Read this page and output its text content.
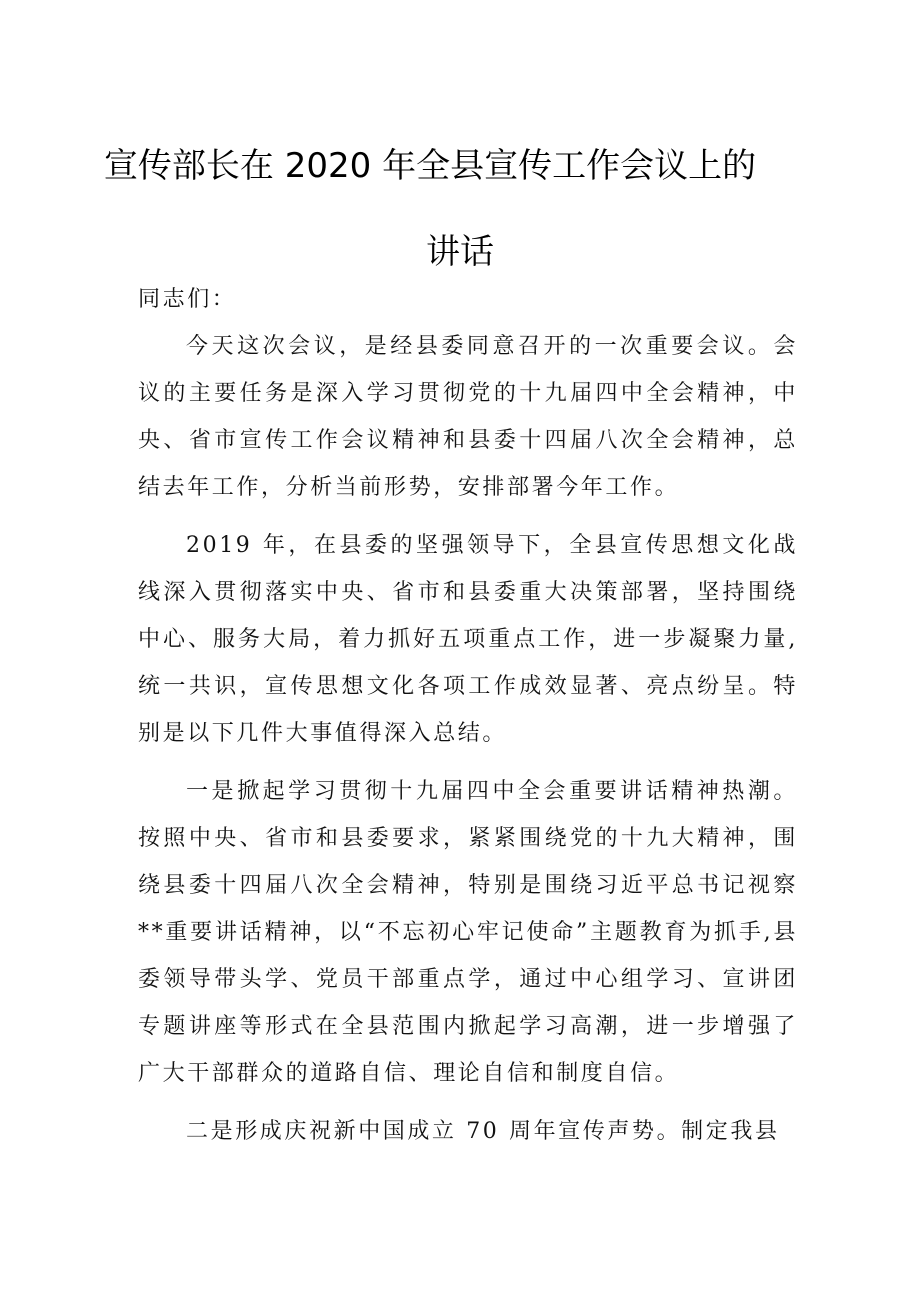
宣传部长在 2020 年全县宣传工作会议上的
讲话

同志们：

今天这次会议，是经县委同意召开的一次重要会议。会议的主要任务是深入学习贯彻党的十九届四中全会精神，中央、省市宣传工作会议精神和县委十四届八次全会精神，总结去年工作，分析当前形势，安排部署今年工作。

2019 年，在县委的坚强领导下，全县宣传思想文化战线深入贯彻落实中央、省市和县委重大决策部署，坚持围绕中心、服务大局，着力抓好五项重点工作，进一步凝聚力量,统一共识，宣传思想文化各项工作成效显著、亮点纷呈。特别是以下几件大事值得深入总结。

一是掀起学习贯彻十九届四中全会重要讲话精神热潮。按照中央、省市和县委要求，紧紧围绕党的十九大精神，围绕县委十四届八次全会精神，特别是围绕习近平总书记视察**重要讲话精神，以“不忘初心牢记使命”主题教育为抓手,县委领导带头学、党员干部重点学，通过中心组学习、宣讲团专题讲座等形式在全县范围内掀起学习高潮，进一步增强了广大干部群众的道路自信、理论自信和制度自信。

二是形成庆祝新中国成立 70 周年宣传声势。制定我县
